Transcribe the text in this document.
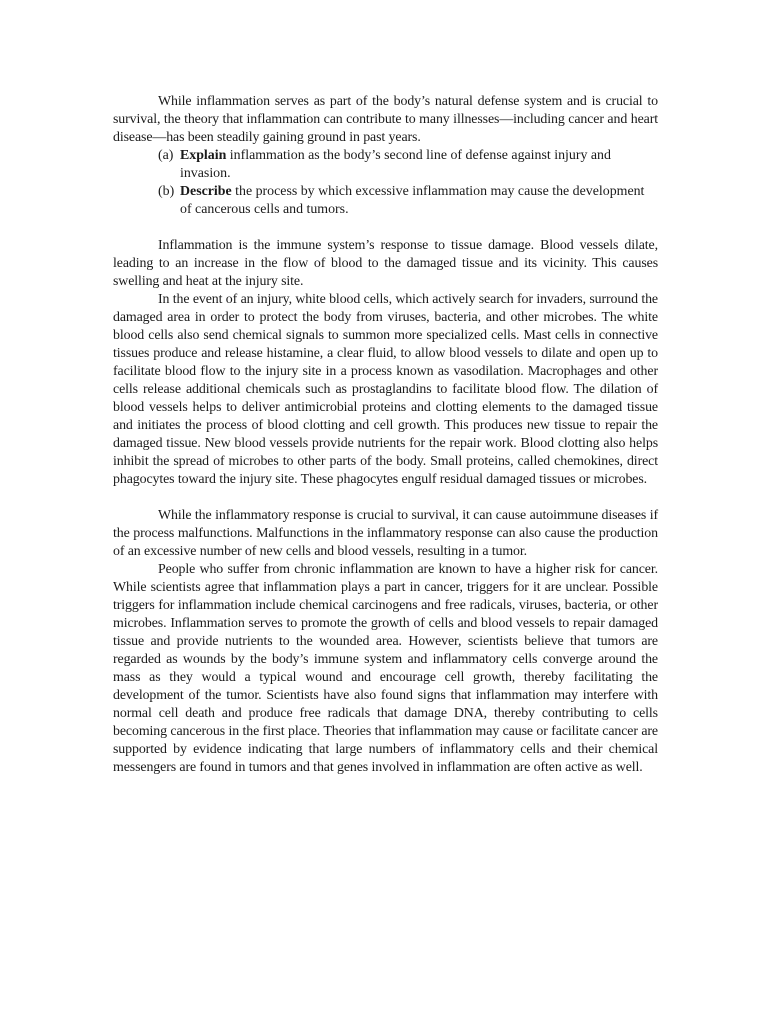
While inflammation serves as part of the body’s natural defense system and is crucial to survival, the theory that inflammation can contribute to many illnesses—including cancer and heart disease—has been steadily gaining ground in past years.

(a) Explain inflammation as the body’s second line of defense against injury and invasion.
(b) Describe the process by which excessive inflammation may cause the development of cancerous cells and tumors.

Inflammation is the immune system’s response to tissue damage. Blood vessels dilate, leading to an increase in the flow of blood to the damaged tissue and its vicinity. This causes swelling and heat at the injury site.

In the event of an injury, white blood cells, which actively search for invaders, surround the damaged area in order to protect the body from viruses, bacteria, and other microbes. The white blood cells also send chemical signals to summon more specialized cells. Mast cells in connective tissues produce and release histamine, a clear fluid, to allow blood vessels to dilate and open up to facilitate blood flow to the injury site in a process known as vasodilation. Macrophages and other cells release additional chemicals such as prostaglandins to facilitate blood flow. The dilation of blood vessels helps to deliver antimicrobial proteins and clotting elements to the damaged tissue and initiates the process of blood clotting and cell growth. This produces new tissue to repair the damaged tissue. New blood vessels provide nutrients for the repair work. Blood clotting also helps inhibit the spread of microbes to other parts of the body. Small proteins, called chemokines, direct phagocytes toward the injury site. These phagocytes engulf residual damaged tissues or microbes.

While the inflammatory response is crucial to survival, it can cause autoimmune diseases if the process malfunctions. Malfunctions in the inflammatory response can also cause the production of an excessive number of new cells and blood vessels, resulting in a tumor.

People who suffer from chronic inflammation are known to have a higher risk for cancer. While scientists agree that inflammation plays a part in cancer, triggers for it are unclear. Possible triggers for inflammation include chemical carcinogens and free radicals, viruses, bacteria, or other microbes. Inflammation serves to promote the growth of cells and blood vessels to repair damaged tissue and provide nutrients to the wounded area. However, scientists believe that tumors are regarded as wounds by the body’s immune system and inflammatory cells converge around the mass as they would a typical wound and encourage cell growth, thereby facilitating the development of the tumor. Scientists have also found signs that inflammation may interfere with normal cell death and produce free radicals that damage DNA, thereby contributing to cells becoming cancerous in the first place. Theories that inflammation may cause or facilitate cancer are supported by evidence indicating that large numbers of inflammatory cells and their chemical messengers are found in tumors and that genes involved in inflammation are often active as well.
